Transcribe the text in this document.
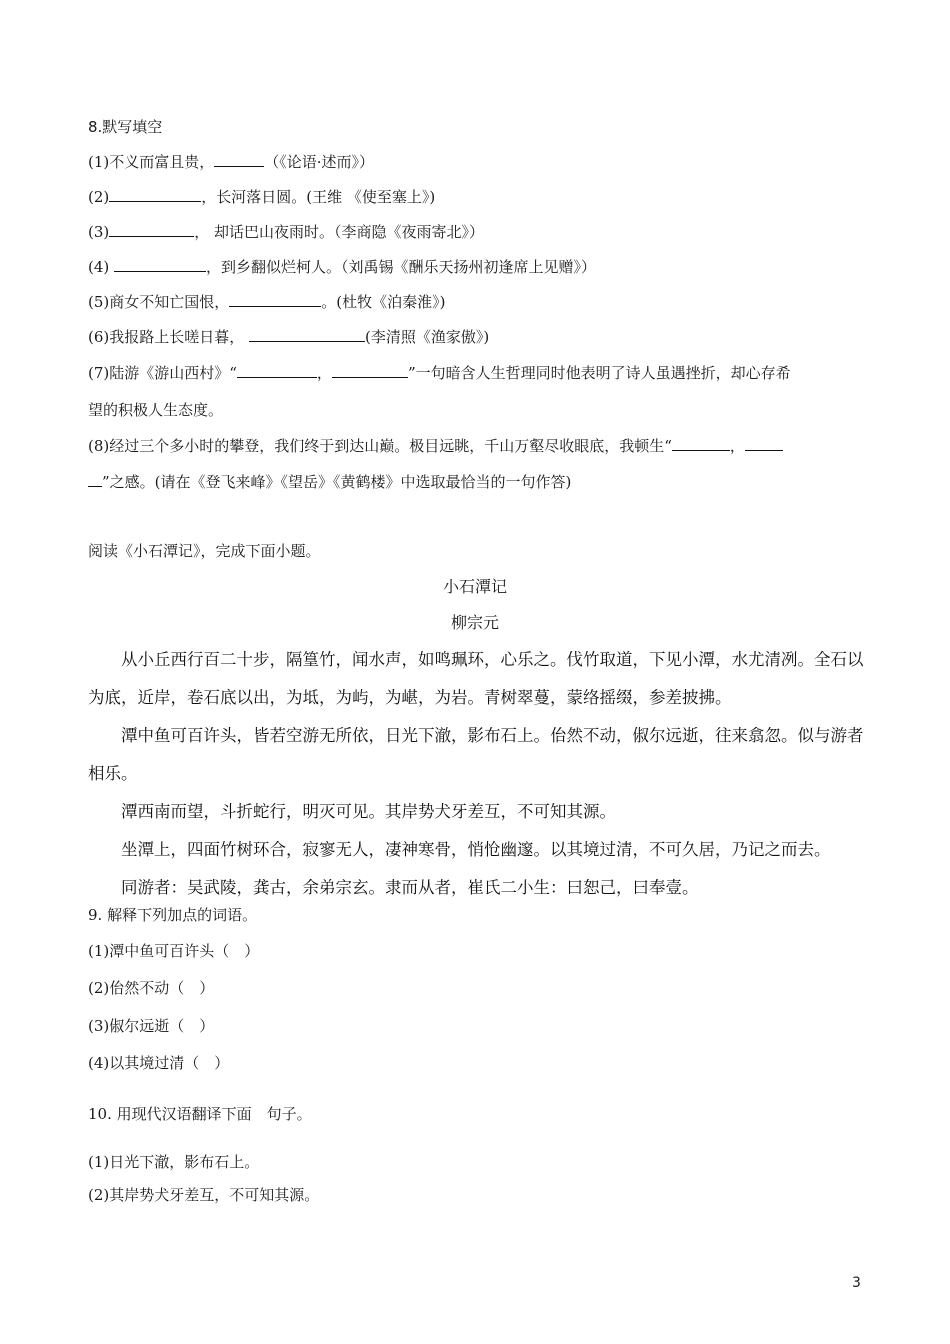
8.默写填空
(1)不义而富且贵，	（《论语·述而》）
(2)	，长河落日圆。(王维 《使至塞上》)
(3)	， 却话巴山夜雨时。（李商隐《夜雨寄北》）
(4)	，到乡翻似烂柯人。（刘禹锡《酬乐天扬州初逢席上见赠》）
(5)商女不知亡国恨，	。(杜牧《泊秦淮》)
(6)我报路上长嗟日暮，	(李清照《渔家傲》)
(7)陆游《游山西村》“	，	”一句暗含人生哲理同时他表明了诗人虽遇挫折，却心存希
望的积极人生态度。
(8)经过三个多小时的攀登，我们终于到达山巅。极目远眺，千山万壑尽收眼底，我顿生“	，
”之感。(请在《登飞来峰》《望岳》《黄鹤楼》中选取最恰当的一句作答)
阅读《小石潭记》，完成下面小题。
小石潭记
柳宗元

从小丘西行百二十步，隔篁竹，闻水声，如鸣珮环，心乐之。伐竹取道，下见小潭，水尤清冽。全石以为底，近岸，卷石底以出，为坻，为屿，为嵁，为岩。青树翠蔓，蒙络摇缀，参差披拂。

潭中鱼可百许头，皆若空游无所依，日光下澈，影布石上。佁然不动，俶尔远逝，往来翕忽。似与游者相乐。

潭西南而望，斗折蛇行，明灭可见。其岸势犬牙差互，不可知其源。

坐潭上，四面竹树环合，寂寥无人，凄神寒骨，悄怆幽邃。以其境过清，不可久居，乃记之而去。

同游者：吴武陵，龚古，余弟宗玄。隶而从者，崔氏二小生：曰恕己，曰奉壹。

9. 解释下列加点的词语。
(1)潭中鱼可百许头（　）
(2)佁然不动（　）
(3)俶尔远逝（　）
(4)以其境过清（　）
10. 用现代汉语翻译下面　句子。
(1)日光下澈，影布石上。
(2)其岸势犬牙差互，不可知其源。
3
